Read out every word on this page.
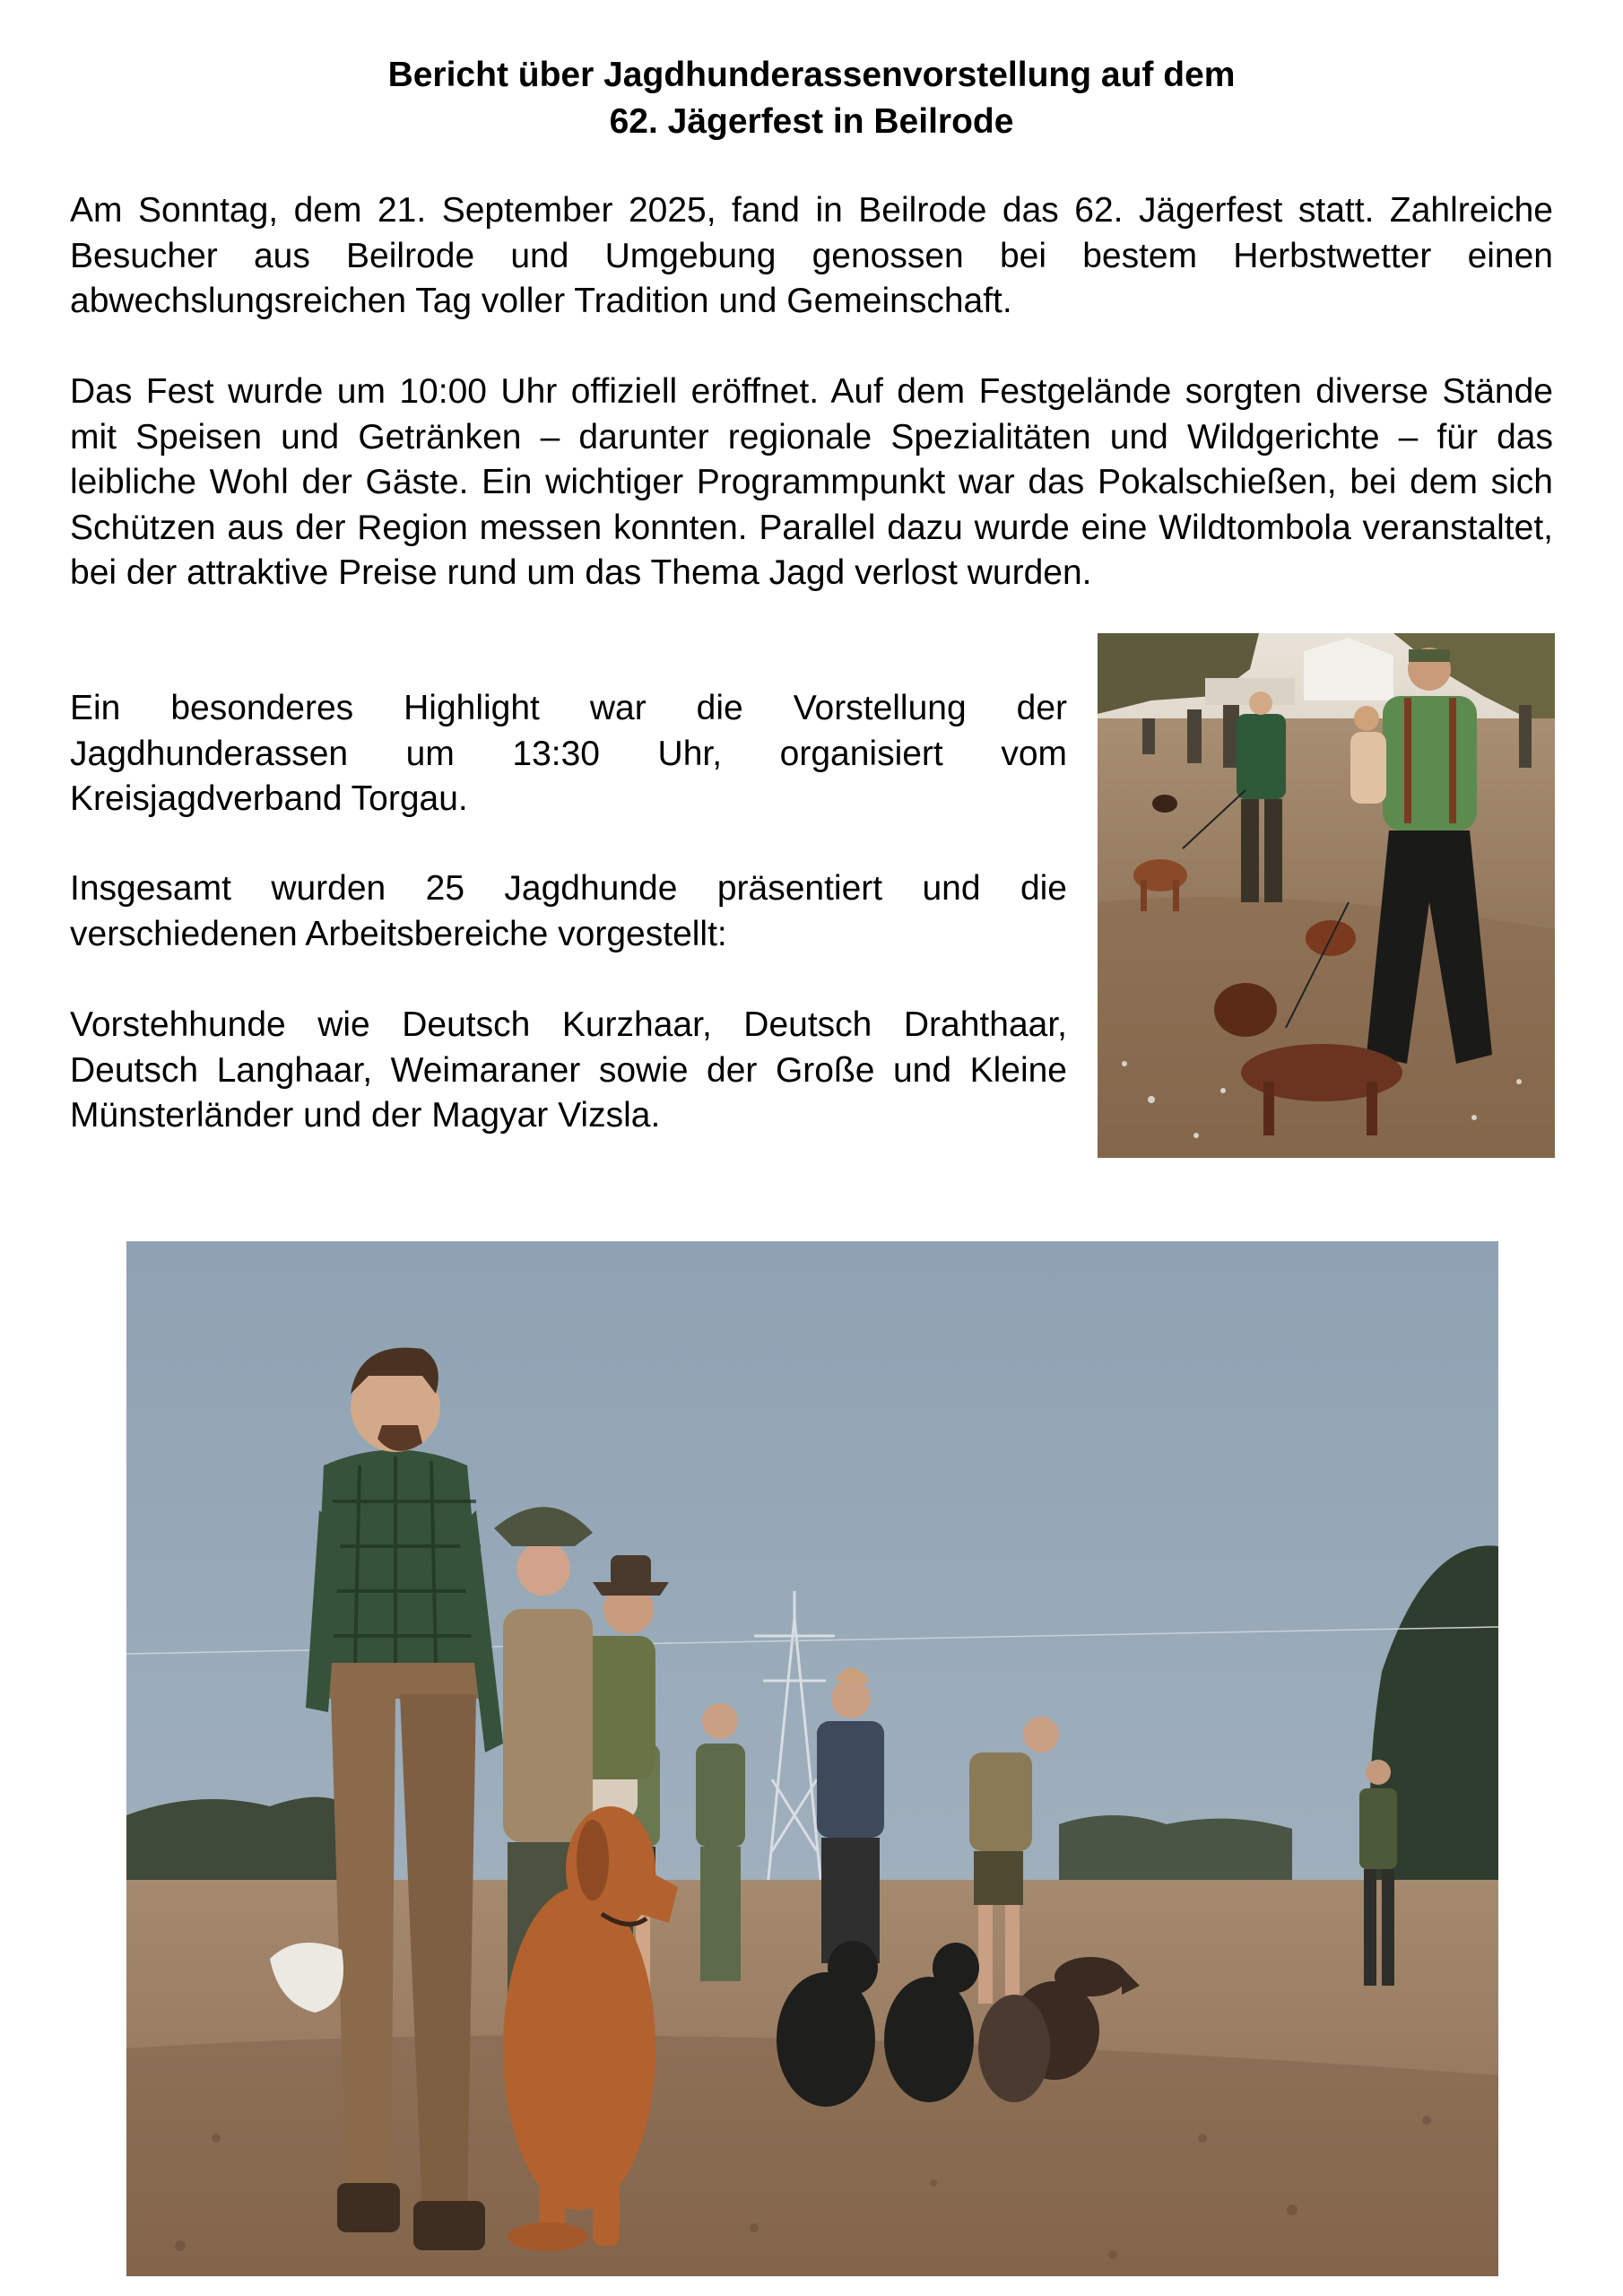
Bericht über Jagdhunderassenvorstellung auf dem
62. Jägerfest in Beilrode

Am Sonntag, dem 21. September 2025, fand in Beilrode das 62. Jägerfest statt. Zahlreiche Besucher aus Beilrode und Umgebung genossen bei bestem Herbstwetter einen abwechslungsreichen Tag voller Tradition und Gemeinschaft.

Das Fest wurde um 10:00 Uhr offiziell eröffnet. Auf dem Festgelände sorgten diverse Stände mit Speisen und Getränken – darunter regionale Spezialitäten und Wildgerichte – für das leibliche Wohl der Gäste. Ein wichtiger Programmpunkt war das Pokalschießen, bei dem sich Schützen aus der Region messen konnten. Parallel dazu wurde eine Wildtombola veranstaltet, bei der attraktive Preise rund um das Thema Jagd verlost wurden.

Ein besonderes Highlight war die Vorstellung der Jagdhunderassen um 13:30 Uhr, organisiert vom Kreisjagdverband Torgau.

Insgesamt wurden 25 Jagdhunde präsentiert und die verschiedenen Arbeitsbereiche vorgestellt:

Vorstehhunde wie Deutsch Kurzhaar, Deutsch Drahthaar, Deutsch Langhaar, Weimaraner sowie der Große und Kleine Münsterländer und der Magyar Vizsla.
